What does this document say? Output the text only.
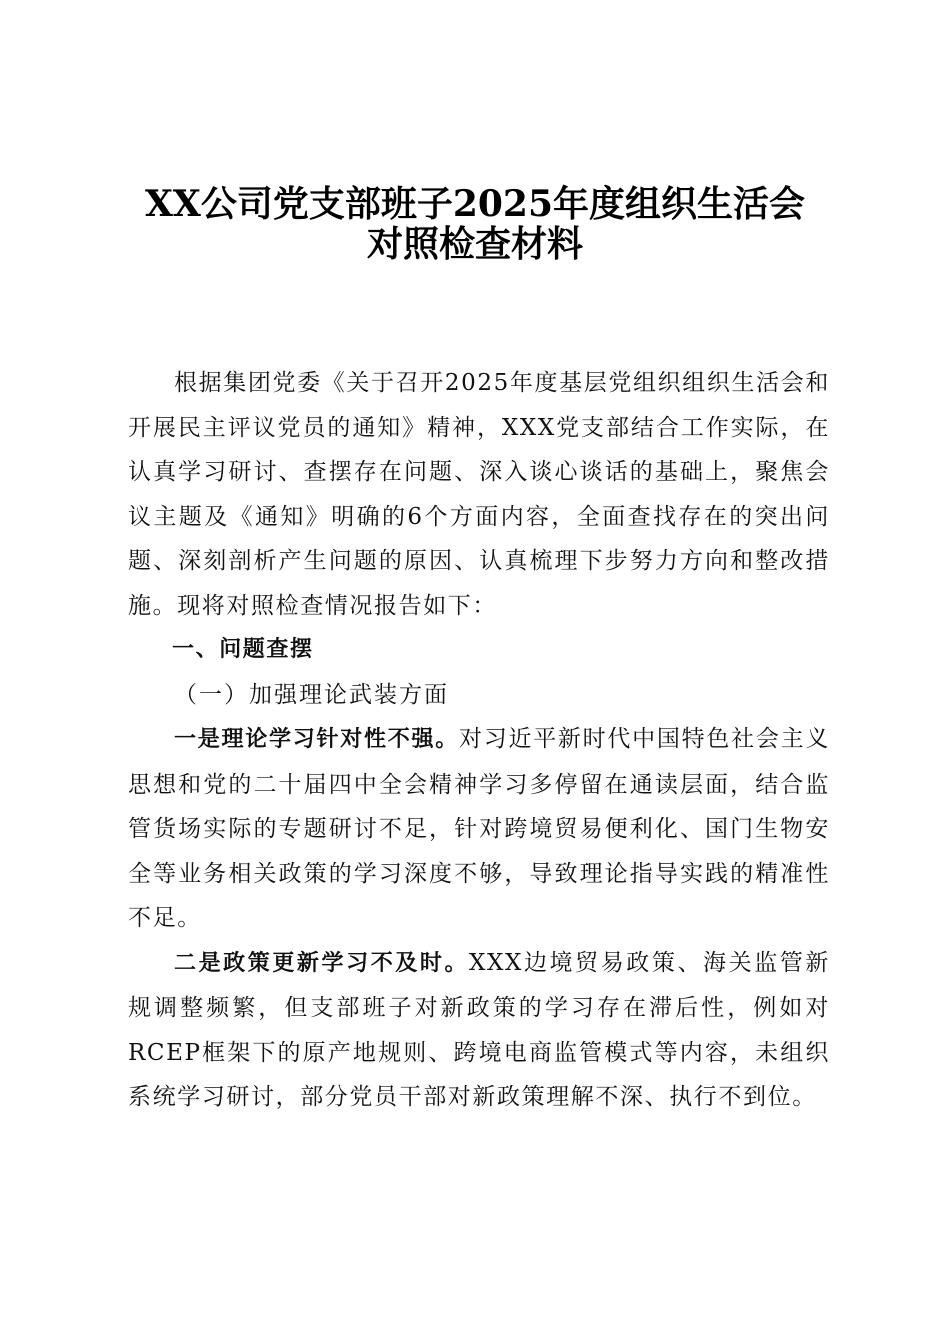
XX公司党支部班子2025年度组织生活会
对照检查材料

根据集团党委《关于召开2025年度基层党组织组织生活会和开展民主评议党员的通知》精神，XXX党支部结合工作实际，在认真学习研讨、查摆存在问题、深入谈心谈话的基础上，聚焦会议主题及《通知》明确的6个方面内容，全面查找存在的突出问题、深刻剖析产生问题的原因、认真梳理下步努力方向和整改措施。现将对照检查情况报告如下：

一、问题查摆

（一）加强理论武装方面

一是理论学习针对性不强。对习近平新时代中国特色社会主义思想和党的二十届四中全会精神学习多停留在通读层面，结合监管货场实际的专题研讨不足，针对跨境贸易便利化、国门生物安全等业务相关政策的学习深度不够，导致理论指导实践的精准性不足。

二是政策更新学习不及时。XXX边境贸易政策、海关监管新规调整频繁，但支部班子对新政策的学习存在滞后性，例如对RCEP框架下的原产地规则、跨境电商监管模式等内容，未组织系统学习研讨，部分党员干部对新政策理解不深、执行不到位。
